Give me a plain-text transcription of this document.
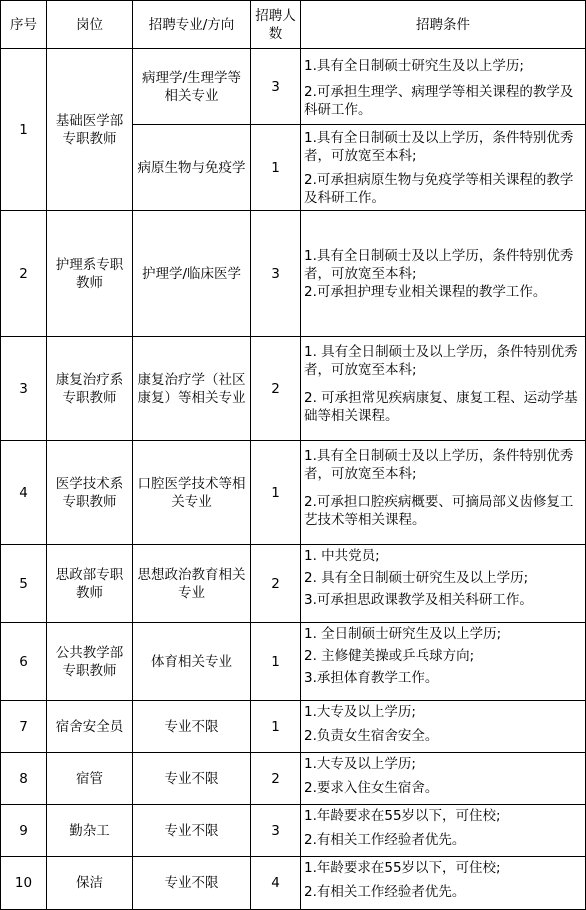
序号	岗位	招聘专业/方向	招聘人数	招聘条件
1	基础医学部专职教师	病理学/生理学等相关专业	3	1.具有全日制硕士研究生及以上学历;
2.可承担生理学、病理学等相关课程的教学及科研工作。

		病原生物与免疫学	1	1.具有全日制硕士及以上学历，条件特别优秀者，可放宽至本科;
2.可承担病原生物与免疫学等相关课程的教学及科研工作。

2	护理系专职教师	护理学/临床医学	3	1.具有全日制硕士及以上学历，条件特别优秀者，可放宽至本科;
2.可承担护理专业相关课程的教学工作。

3	康复治疗系专职教师	康复治疗学（社区康复）等相关专业	2	1. 具有全日制硕士及以上学历，条件特别优秀者，可放宽至本科;
2. 可承担常见疾病康复、康复工程、运动学基础等相关课程。

4	医学技术系专职教师	口腔医学技术等相关专业	1	1.具有全日制硕士及以上学历，条件特别优秀者，可放宽至本科;
2.可承担口腔疾病概要、可摘局部义齿修复工艺技术等相关课程。

5	思政部专职教师	思想政治教育相关专业	2	1. 中共党员;
2. 具有全日制硕士研究生及以上学历;
3.可承担思政课教学及相关科研工作。

6	公共教学部专职教师	体育相关专业	1	1. 全日制硕士研究生及以上学历;
2. 主修健美操或乒乓球方向;
3.承担体育教学工作。

7	宿舍安全员	专业不限	1	1.大专及以上学历;
2.负责女生宿舍安全。

8	宿管	专业不限	2	1.大专及以上学历;
2.要求入住女生宿舍。

9	勤杂工	专业不限	3	1.年龄要求在55岁以下，可住校;
2.有相关工作经验者优先。

10	保洁	专业不限	4	1.年龄要求在55岁以下，可住校;
2.有相关工作经验者优先。
